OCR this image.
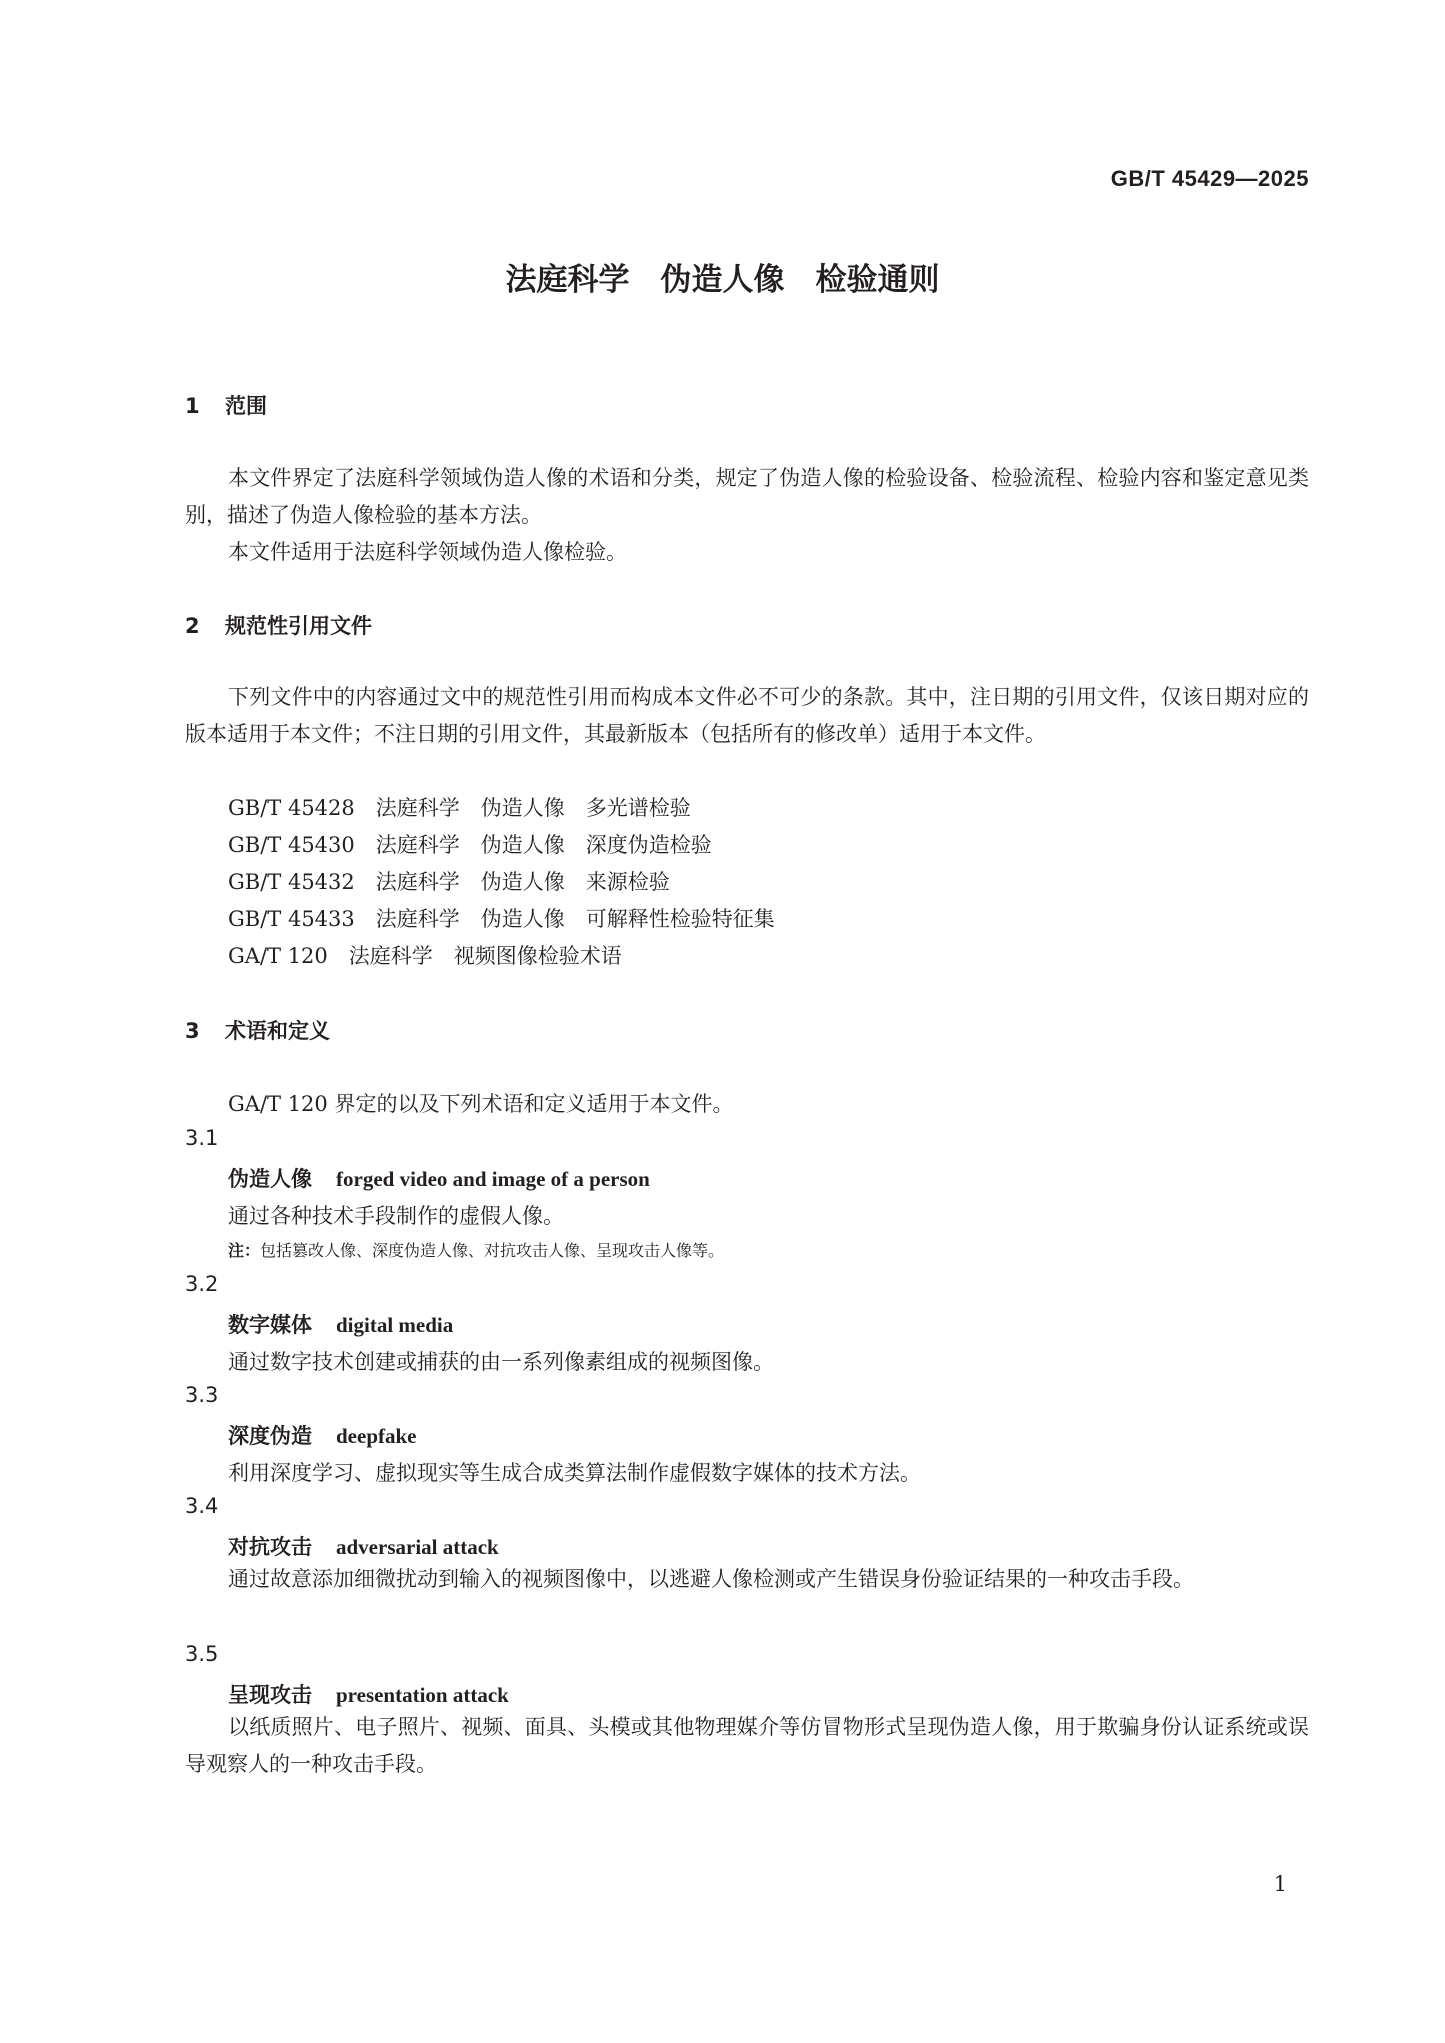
GB/T 45429—2025
法庭科学　伪造人像　检验通则
1 范围
本文件界定了法庭科学领域伪造人像的术语和分类，规定了伪造人像的检验设备、检验流程、检验内容和鉴定意见类别，描述了伪造人像检验的基本方法。
本文件适用于法庭科学领域伪造人像检验。
2 规范性引用文件
下列文件中的内容通过文中的规范性引用而构成本文件必不可少的条款。其中，注日期的引用文件，仅该日期对应的版本适用于本文件；不注日期的引用文件，其最新版本（包括所有的修改单）适用于本文件。
GB/T 45428　法庭科学　伪造人像　多光谱检验
GB/T 45430　法庭科学　伪造人像　深度伪造检验
GB/T 45432　法庭科学　伪造人像　来源检验
GB/T 45433　法庭科学　伪造人像　可解释性检验特征集
GA/T 120　法庭科学　视频图像检验术语
3 术语和定义
GA/T 120 界定的以及下列术语和定义适用于本文件。
3.1
伪造人像 forged video and image of a person
通过各种技术手段制作的虚假人像。
注：包括篡改人像、深度伪造人像、对抗攻击人像、呈现攻击人像等。
3.2
数字媒体 digital media
通过数字技术创建或捕获的由一系列像素组成的视频图像。
3.3
深度伪造 deepfake
利用深度学习、虚拟现实等生成合成类算法制作虚假数字媒体的技术方法。
3.4
对抗攻击 adversarial attack
通过故意添加细微扰动到输入的视频图像中，以逃避人像检测或产生错误身份验证结果的一种攻击手段。
3.5
呈现攻击 presentation attack
以纸质照片、电子照片、视频、面具、头模或其他物理媒介等仿冒物形式呈现伪造人像，用于欺骗身份认证系统或误导观察人的一种攻击手段。
1
